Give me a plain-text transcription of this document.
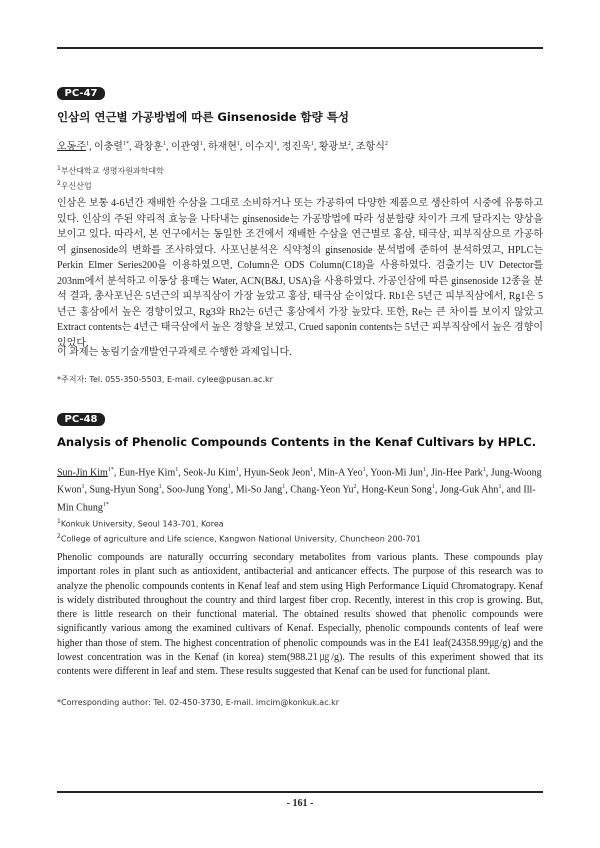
PC-47
인삼의 연근별 가공방법에 따른 Ginsenoside 함량 특성
오동주$^1$, 이충렬$^{1*}$, 곽창훈$^1$, 이관영$^1$, 하재현$^1$, 이수지$^1$, 정진욱$^1$, 황광보$^2$, 조항식$^2$
$^1$부산대학교 생명자원과학대학
$^2$우신산업
인삼은 보통 4-6년간 재배한 수삼을 그대로 소비하거나 또는 가공하여 다양한 제품으로 생산하여 시중에 유통하고 있다. 인삼의 주된 약리적 효능을 나타내는 ginsenoside는 가공방법에 따라 성분함량 차이가 크게 달라지는 양상을 보이고 있다. 따라서, 본 연구에서는 동일한 조건에서 재배한 수삼을 연근별로 홍삼, 태극삼, 피부직삼으로 가공하여 ginsenoside의 변화를 조사하였다. 사포닌분석은 식약청의 ginsenoside 분석법에 준하여 분석하였고, HPLC는 Perkin Elmer Series200을 이용하였으면, Column은 ODS Column(C18)을 사용하였다. 검출기는 UV Detector를 203nm에서 분석하고 이동상 용매는 Water, ACN(B&J, USA)을 사용하였다. 가공인삼에 따른 ginsenoside 12종을 분석 결과, 총사포닌은 5년근의 피부직삼이 가장 높았고 홍삼, 태극삼 순이었다. Rb1은 5년근 피부직삼에서, Rg1은 5년근 홍삼에서 높은 경향이었고, Rg3와 Rh2는 6년근 홍삼에서 가장 높았다. 또한, Re는 큰 차이를 보이지 않았고 Extract contents는 4년근 태극삼에서 높은 경향을 보였고, Crued saponin contents는 5년근 피부직삼에서 높은 경향이 있었다.
이 과제는 농림기술개발연구과제로 수행한 과제입니다.
*주저자: Tel. 055-350-5503, E-mail. cylee@pusan.ac.kr
PC-48
Analysis of Phenolic Compounds Contents in the Kenaf Cultivars by HPLC.
Sun-Jin Kim$^{1*}$, Eun-Hye Kim$^1$, Seok-Ju Kim$^1$, Hyun-Seok Jeon$^1$, Min-A Yeo$^1$, Yoon-Mi Jun$^1$, Jin-Hee Park$^1$, Jung-Woong Kwon$^1$, Sung-Hyun Song$^1$, Soo-Jung Yong$^1$, Mi-So Jang$^1$, Chang-Yeon Yu$^2$, Hong-Keun Song$^1$, Jong-Guk Ahn$^1$, and Ill-Min Chung$^{1*}$
$^1$Konkuk University, Seoul 143-701, Korea
$^2$College of agriculture and Life science, Kangwon National University, Chuncheon 200-701
Phenolic compounds are naturally occurring secondary metabolites from various plants. These compounds play important roles in plant such as antioxident, antibacterial and anticancer effects. The purpose of this research was to analyze the phenolic compounds contents in Kenaf leaf and stem using High Performance Liquid Chromatograpy. Kenaf is widely distributed throughout the country and third largest fiber crop. Recently, interest in this crop is growing. But, there is little research on their functional material. The obtained results showed that phenolic compounds were significantly various among the examined cultivars of Kenaf. Especially, phenolic compounds contents of leaf were higher than those of stem. The highest concentration of phenolic compounds was in the E41 leaf(24358.99㎍/g) and the lowest concentration was in the Kenaf (in korea) stem(988.21㎍/g). The results of this experiment showed that its contents were different in leaf and stem. These results suggested that Kenaf can be used for functional plant.
*Corresponding author: Tel. 02-450-3730, E-mail. imcim@konkuk.ac.kr
- 161 -
